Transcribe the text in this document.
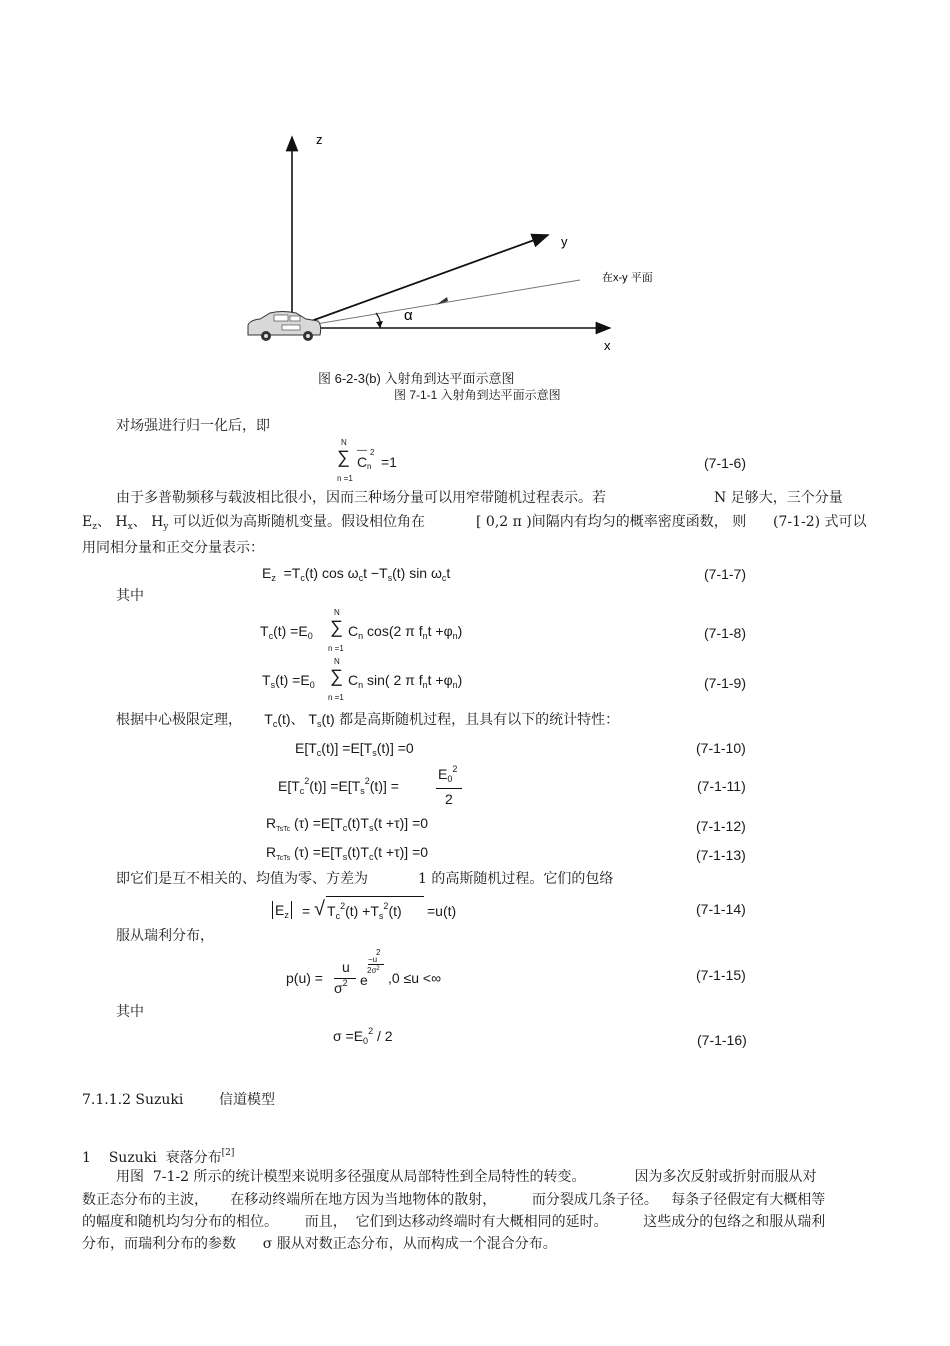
z
y
x
α
在x-y 平面
图 6-2-3(b) 入射角到达平面示意图
图 7-1-1 入射角到达平面示意图
对场强进行归一化后，即
N
∑
n =1
C
—
n
2
=1	(7-1-6)
由于多普勒频移与载波相比很小，因而三种场分量可以用窄带随机过程表示。若	N 足够大，三个分量
$E_z$、 $H_x$、 $H_y$ 可以近似为高斯随机变量。假设相位角在	[ 0,2 π )间隔内有均匀的概率密度函数， 则 (7-1-2) 式可以
用同相分量和正交分量表示：
$E_z =T_c(t)$ $\cos \omega_ct -T_s(t)$ $\sin \omega_ct$	(7-1-7)
其中
N
$T_c(t) =E_0$ ∑
n =1
$C_n$ cos(2 π $f_nt +\varphi_n$)	(7-1-8)
N
$T_s(t) =E_0$ ∑
n =1
$C_n$ sin( 2 π $f_nt +\varphi_n$)	(7-1-9)
根据中心极限定理， $T_c(t)$、 $T_s(t)$ 都是高斯随机过程，且具有以下的统计特性：
$E[T_c(t)] =E[T_s(t)] =0$	(7-1-10)
$E[T_c^2(t)] =E[T_s^2(t)]$ =
$E_0^2$
2
(7-1-11)
$R_{TsTc}$ $(\tau) =E[T_c(t)T_s(t +\tau)] =0$	(7-1-12)
$R_{TcTs}$ $(\tau) =E[T_s(t)T_c(t +\tau)] =0$	(7-1-13)
即它们是互不相关的、均值为零、方差为	1 的高斯随机过程。它们的包络
$E_z$ = √ $T_c^2(t) +T_s^2(t) =u(t)$	(7-1-14)
服从瑞利分布，
p(u) =
u
$\sigma^2$ e
2
−u
$2\sigma^2$
,0 ≤u <∞	(7-1-15)
其中
$\sigma =E_0^2 / 2$	(7-1-16)
7.1.1.2 Suzuki        信道模型
1    Suzuki  衰落分布[2]
用图  7-1-2 所示的统计模型来说明多径强度从局部特性到全局特性的转变。           因为多次反射或折射而服从对
数正态分布的主波，     在移动终端所在地方因为当地物体的散射，        而分裂成几条子径。   每条子径假定有大概相等
的幅度和随机均匀分布的相位。      而且，  它们到达移动终端时有大概相同的延时。        这些成分的包络之和服从瑞利
分布，而瑞利分布的参数      σ 服从对数正态分布，从而构成一个混合分布。
